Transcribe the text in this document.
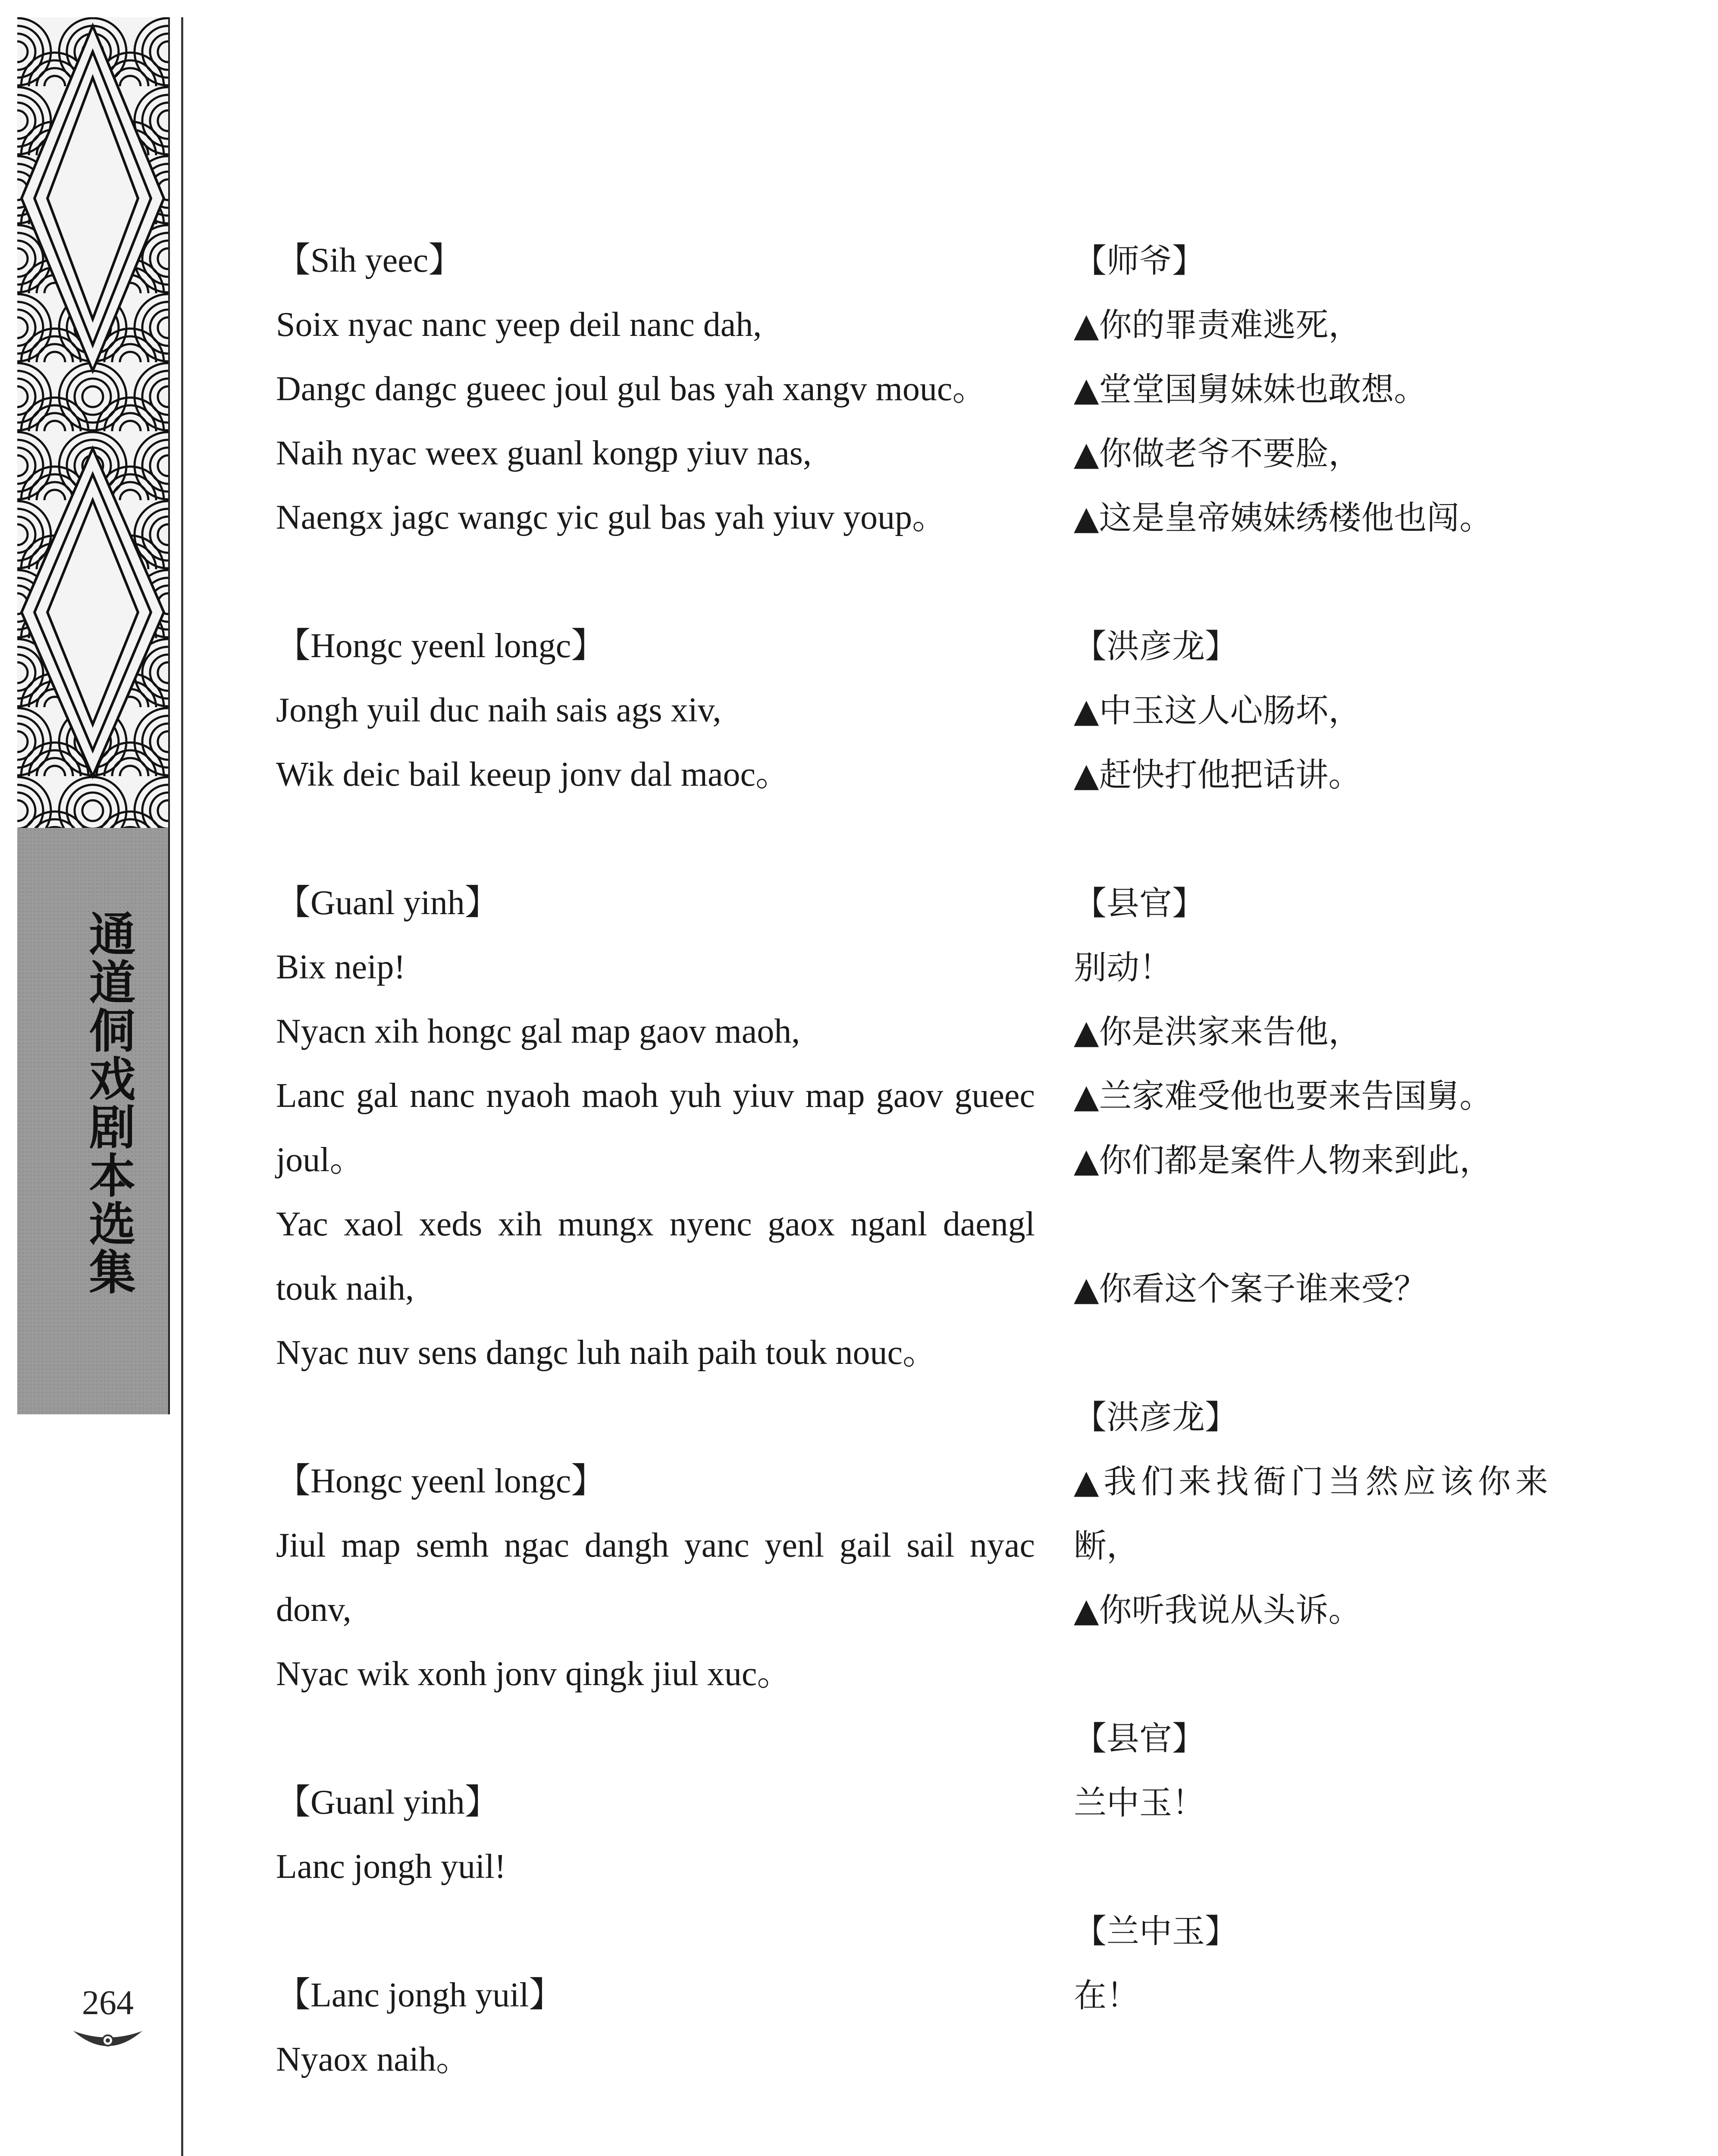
通道侗戏剧本选集
264
【Sih yeec】
Soix nyac nanc yeep deil nanc dah,
Dangc dangc gueec joul gul bas yah xangv mouc。
Naih nyac weex guanl kongp yiuv nas,
Naengx jagc wangc yic gul bas yah yiuv youp。
【Hongc yeenl longc】
Jongh yuil duc naih sais ags xiv,
Wik deic bail keeup jonv dal maoc。
【Guanl yinh】
Bix neip!
Nyacn xih hongc gal map gaov maoh,
Lanc gal nanc nyaoh maoh yuh yiuv map gaov gueec joul。
Yac xaol xeds xih mungx nyenc gaox nganl daengl touk naih,
Nyac nuv sens dangc luh naih paih touk nouc。
【Hongc yeenl longc】
Jiul map semh ngac dangh yanc yenl gail sail nyac donv,
Nyac wik xonh jonv qingk jiul xuc。
【Guanl yinh】
Lanc jongh yuil!
【Lanc jongh yuil】
Nyaox naih。
【师爷】
▲你的罪责难逃死，
▲堂堂国舅妹妹也敢想。
▲你做老爷不要脸，
▲这是皇帝姨妹绣楼他也闯。
【洪彦龙】
▲中玉这人心肠坏，
▲赶快打他把话讲。
【县官】
别动！
▲你是洪家来告他，
▲兰家难受他也要来告国舅。
▲你们都是案件人物来到此，

▲你看这个案子谁来受？
【洪彦龙】
▲我们来找衙门当然应该你来断，
▲你听我说从头诉。
【县官】
兰中玉！
【兰中玉】
在！
